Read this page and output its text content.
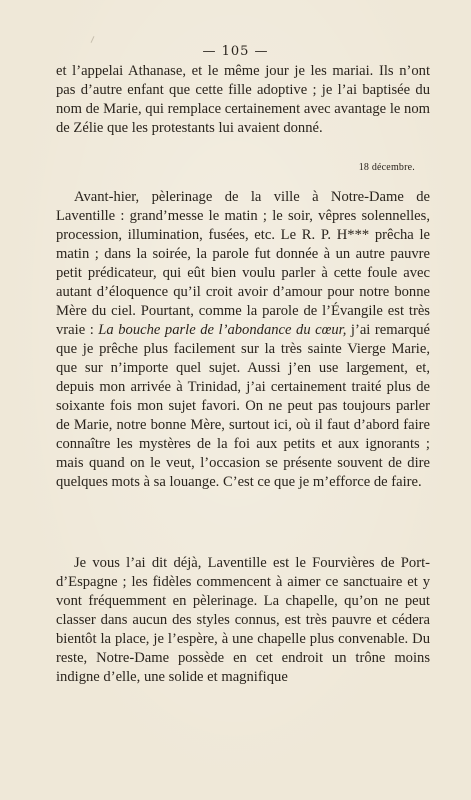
— 105 —

et l’appelai Athanase, et le même jour je les mariai. Ils n’ont pas d’autre enfant que cette fille adoptive ; je l’ai baptisée du nom de Marie, qui remplace certainement avec avantage le nom de Zélie que les protestants lui avaient donné.

18 décembre.

Avant-hier, pèlerinage de la ville à Notre-Dame de Laventille : grand’messe le matin ; le soir, vêpres solennelles, procession, illumination, fusées, etc. Le R. P. H*** prêcha le matin ; dans la soirée, la parole fut donnée à un autre pauvre petit prédicateur, qui eût bien voulu parler à cette foule avec autant d’éloquence qu’il croit avoir d’amour pour notre bonne Mère du ciel. Pourtant, comme la parole de l’Évangile est très vraie : La bouche parle de l’abondance du cœur, j’ai remarqué que je prêche plus facilement sur la très sainte Vierge Marie, que sur n’importe quel sujet. Aussi j’en use largement, et, depuis mon arrivée à Trinidad, j’ai certainement traité plus de soixante fois mon sujet favori. On ne peut pas toujours parler de Marie, notre bonne Mère, surtout ici, où il faut d’abord faire connaître les mystères de la foi aux petits et aux ignorants ; mais quand on le veut, l’occasion se présente souvent de dire quelques mots à sa louange. C’est ce que je m’efforce de faire.

Je vous l’ai dit déjà, Laventille est le Fourvières de Port-d’Espagne ; les fidèles commencent à aimer ce sanctuaire et y vont fréquemment en pèlerinage. La chapelle, qu’on ne peut classer dans aucun des styles connus, est très pauvre et cédera bientôt la place, je l’espère, à une chapelle plus convenable. Du reste, Notre-Dame possède en cet endroit un trône moins indigne d’elle, une solide et magnifique
